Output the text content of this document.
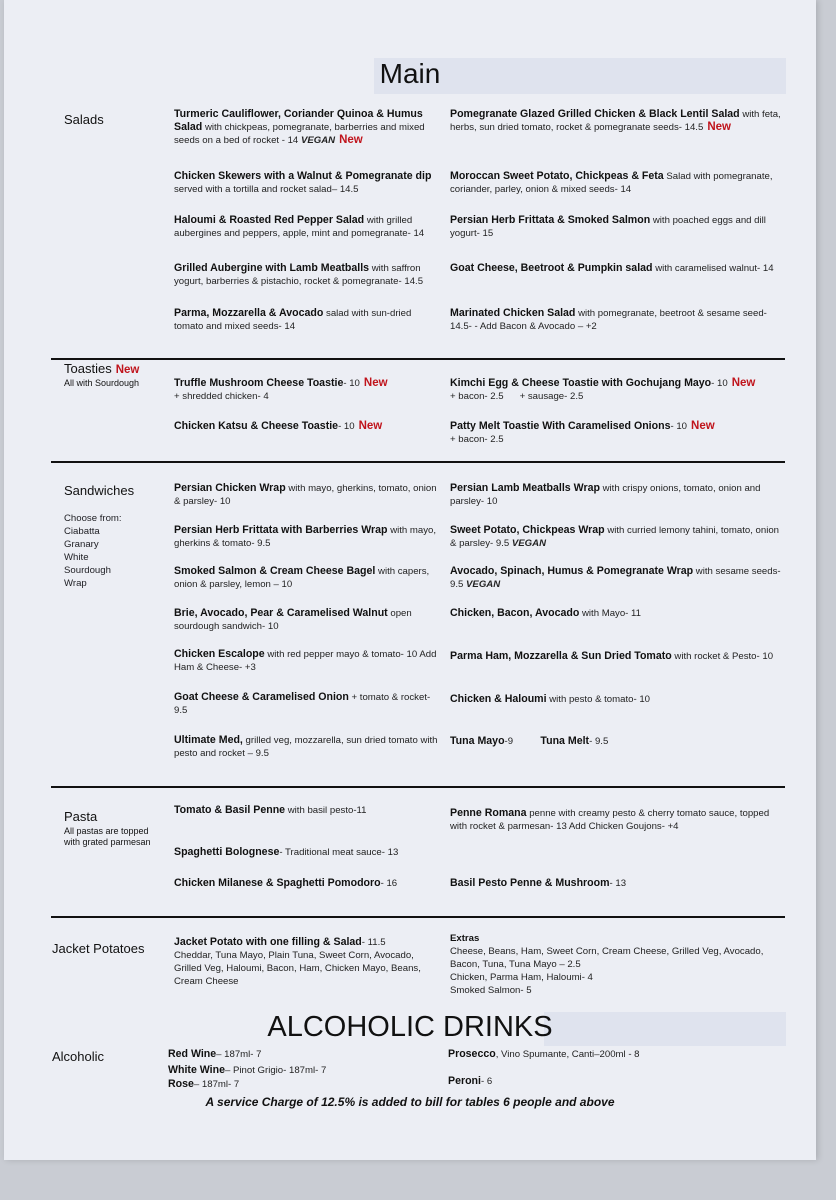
Main
Salads	Turmeric Cauliflower, Coriander Quinoa & Humus Salad with chickpeas, pomegranate, barberries and mixed seeds on a bed of rocket - 14 VEGAN New
Pomegranate Glazed Grilled Chicken & Black Lentil Salad with feta, herbs, sun dried tomato, rocket & pomegranate seeds- 14.5 New
Chicken Skewers with a Walnut & Pomegranate dip
served with a tortilla and rocket salad– 14.5
Moroccan Sweet Potato, Chickpeas & Feta Salad with pomegranate, coriander, parley, onion & mixed seeds- 14
Haloumi & Roasted Red Pepper Salad with grilled aubergines and peppers, apple, mint and pomegranate- 14
Persian Herb Frittata & Smoked Salmon with poached eggs and dill yogurt- 15
Grilled Aubergine with Lamb Meatballs with saffron yogurt, barberries & pistachio, rocket & pomegranate- 14.5
Goat Cheese, Beetroot & Pumpkin salad with caramelised walnut- 14
Parma, Mozzarella & Avocado salad with sun-dried tomato and mixed seeds- 14
Marinated Chicken Salad with pomegranate, beetroot & sesame seed- 14.5- - Add Bacon & Avocado – +2
Toasties New
All with Sourdough	Truffle Mushroom Cheese Toastie- 10 New
+ shredded chicken- 4
Kimchi Egg & Cheese Toastie with Gochujang Mayo- 10 New
+ bacon- 2.5      + sausage- 2.5
Chicken Katsu & Cheese Toastie- 10 New	Patty Melt Toastie With Caramelised Onions- 10 New
+ bacon- 2.5
Sandwiches
Choose from:
Ciabatta
Granary
White
Sourdough
Wrap
Persian Chicken Wrap with mayo, gherkins, tomato, onion & parsley- 10
Persian Lamb Meatballs Wrap with crispy onions, tomato, onion and parsley- 10
Persian Herb Frittata with Barberries Wrap with mayo, gherkins & tomato- 9.5
Sweet Potato, Chickpeas Wrap with curried lemony tahini, tomato, onion & parsley- 9.5 VEGAN
Smoked Salmon & Cream Cheese Bagel with capers, onion & parsley, lemon – 10
Avocado, Spinach, Humus & Pomegranate Wrap with sesame seeds- 9.5 VEGAN
Brie, Avocado, Pear & Caramelised Walnut open sourdough sandwich- 10
Chicken, Bacon, Avocado with Mayo- 11
Chicken Escalope with red pepper mayo & tomato- 10 Add Ham & Cheese- +3
Parma Ham, Mozzarella & Sun Dried Tomato with rocket & Pesto- 10
Goat Cheese & Caramelised Onion + tomato & rocket- 9.5
Chicken & Haloumi with pesto & tomato- 10
Ultimate Med, grilled veg, mozzarella, sun dried tomato with pesto and rocket – 9.5
Tuna Mayo-9	Tuna Melt- 9.5
Pasta
All pastas are topped with grated parmesan
Tomato & Basil Penne with basil pesto-11	Penne Romana penne with creamy pesto & cherry tomato sauce, topped with rocket & parmesan- 13 Add Chicken Goujons- +4
Spaghetti Bolognese- Traditional meat sauce- 13
Chicken Milanese & Spaghetti Pomodoro- 16	Basil Pesto Penne & Mushroom- 13
Jacket Potatoes	Jacket Potato with one filling & Salad- 11.5
Cheddar, Tuna Mayo, Plain Tuna, Sweet Corn, Avocado, Grilled Veg, Haloumi, Bacon, Ham, Chicken Mayo, Beans, Cream Cheese
Extras
Cheese, Beans, Ham, Sweet Corn, Cream Cheese, Grilled Veg, Avocado, Bacon, Tuna, Tuna Mayo – 2.5
Chicken, Parma Ham, Haloumi- 4
Smoked Salmon- 5
ALCOHOLIC DRINKS
Alcoholic	Red Wine– 187ml- 7	Prosecco, Vino Spumante, Canti–200ml - 8
White Wine– Pinot Grigio- 187ml- 7
Rose– 187ml- 7	Peroni- 6
A service Charge of 12.5% is added to bill for tables 6 people and above
